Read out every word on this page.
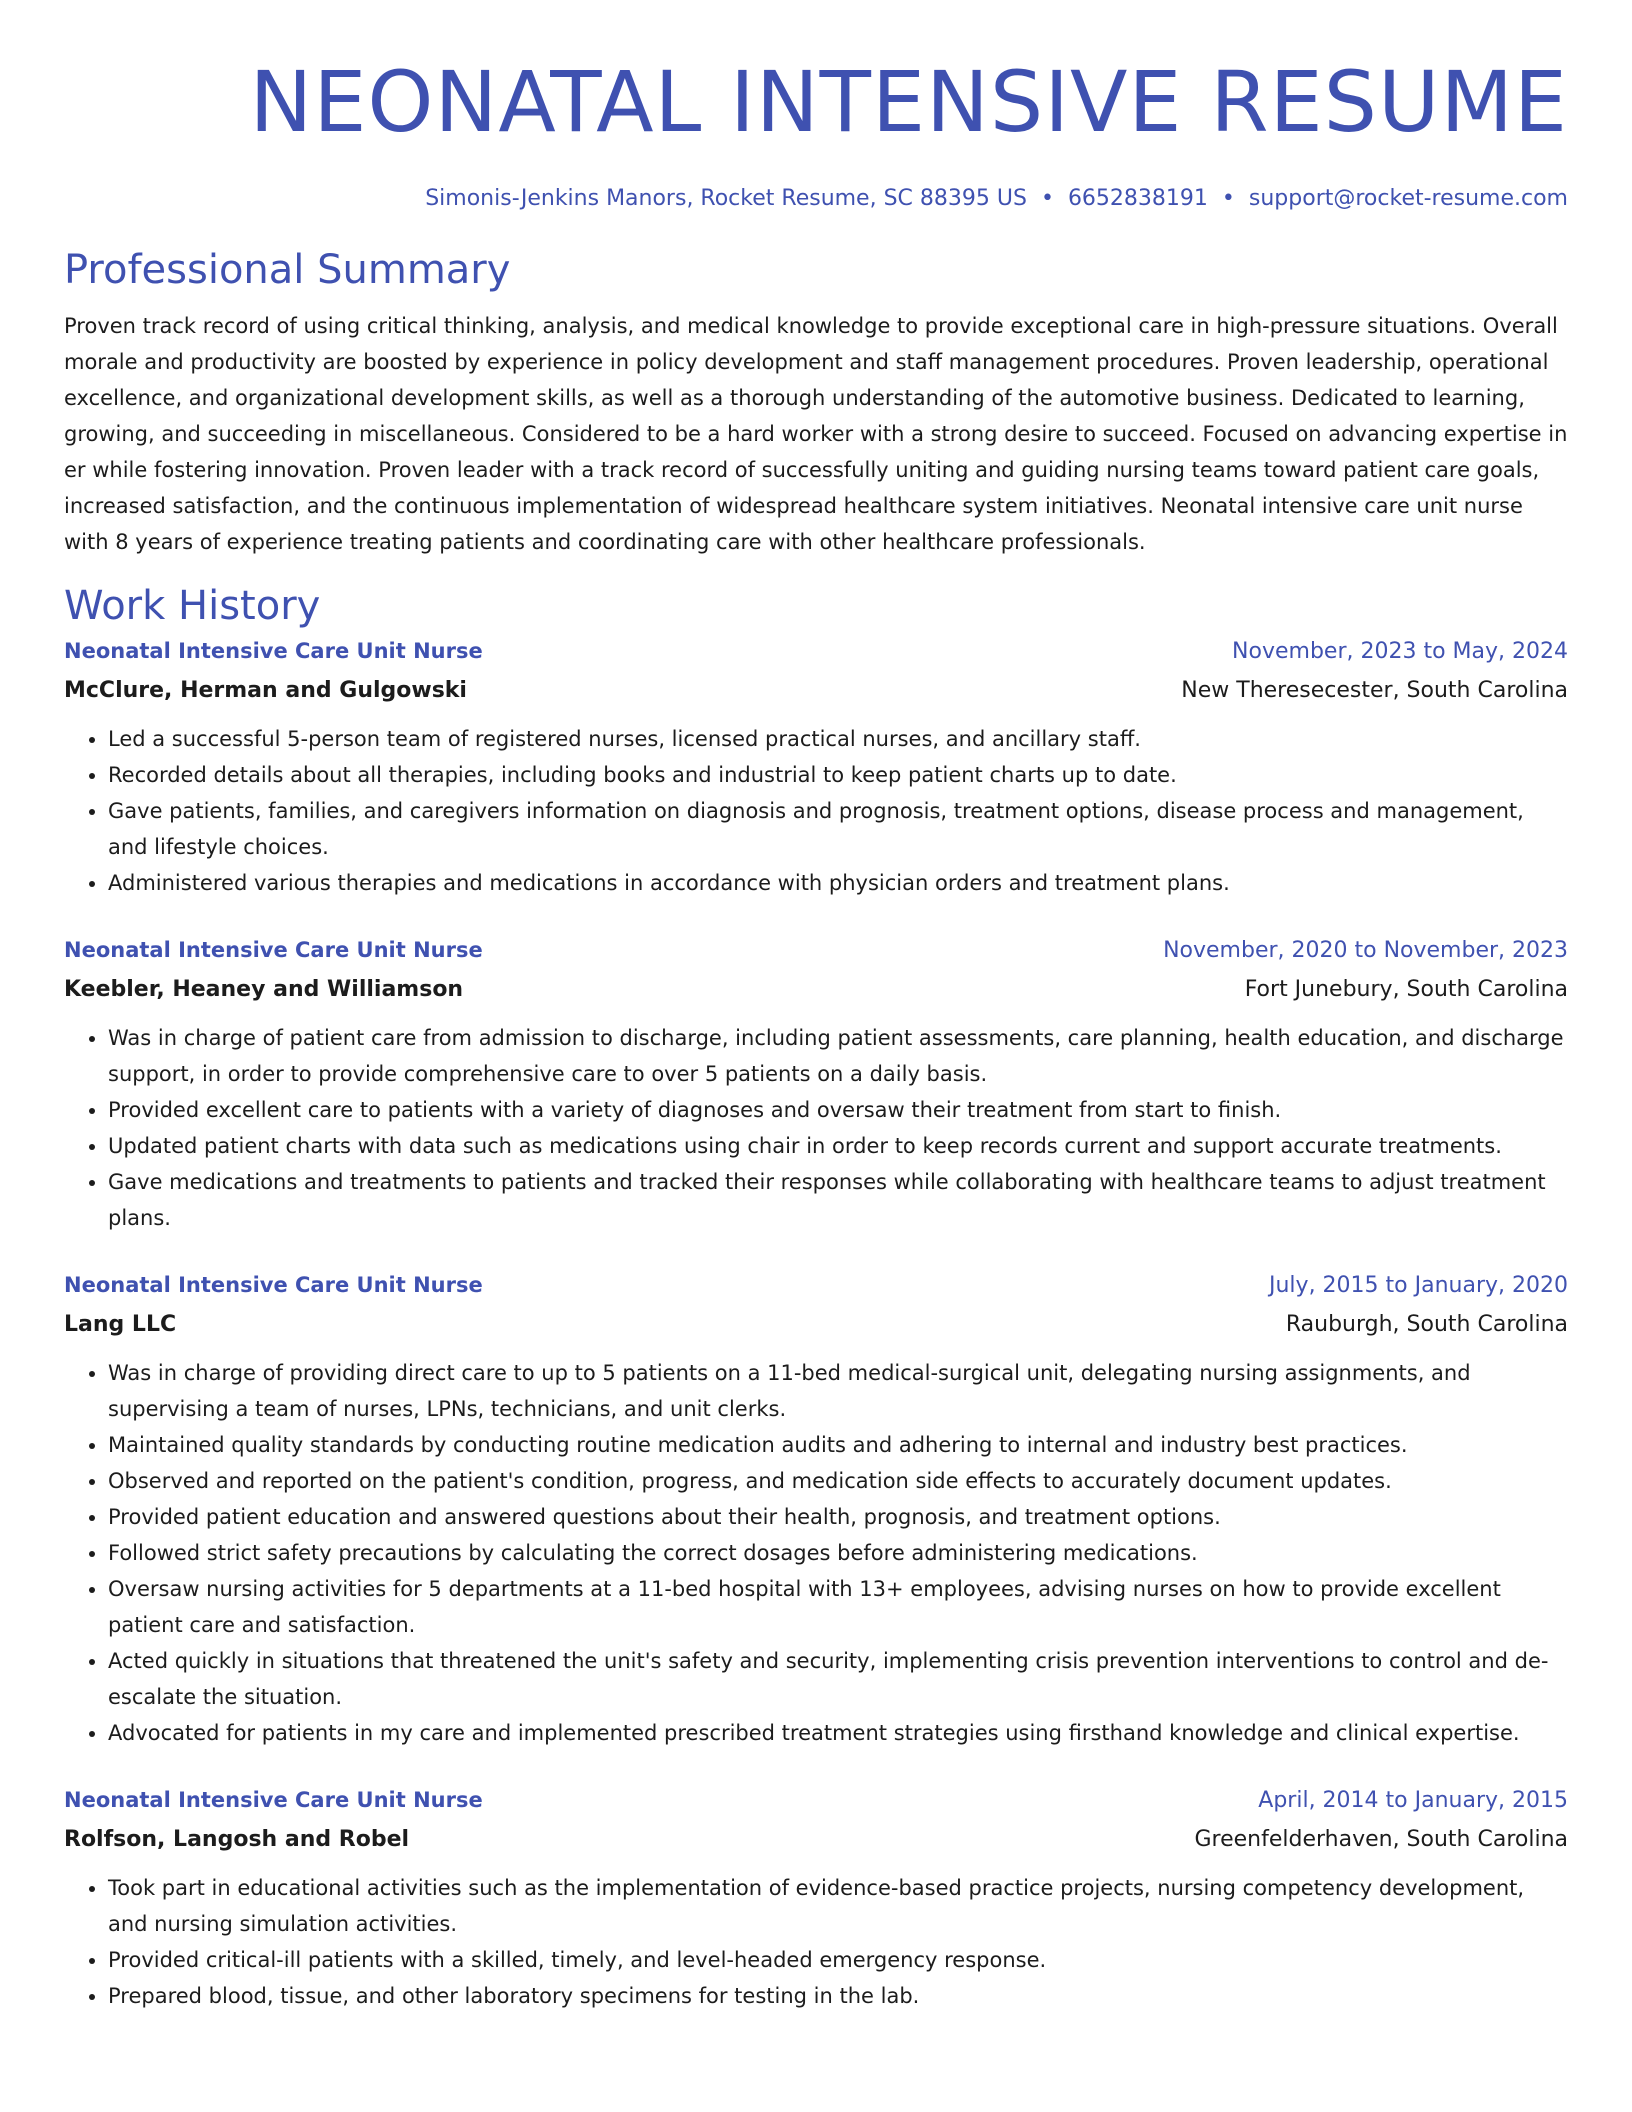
NEONATAL INTENSIVE RESUME
Simonis-Jenkins Manors, Rocket Resume, SC 88395 US • 6652838191 • support@rocket-resume.com
Professional Summary

Proven track record of using critical thinking, analysis, and medical knowledge to provide exceptional care in high-pressure situations. Overall morale and productivity are boosted by experience in policy development and staff management procedures. Proven leadership, operational excellence, and organizational development skills, as well as a thorough understanding of the automotive business. Dedicated to learning, growing, and succeeding in miscellaneous. Considered to be a hard worker with a strong desire to succeed. Focused on advancing expertise in er while fostering innovation. Proven leader with a track record of successfully uniting and guiding nursing teams toward patient care goals, increased satisfaction, and the continuous implementation of widespread healthcare system initiatives. Neonatal intensive care unit nurse with 8 years of experience treating patients and coordinating care with other healthcare professionals.

Work History
Neonatal Intensive Care Unit Nurse	November, 2023 to May, 2024
McClure, Herman and Gulgowski	New Theresecester, South Carolina
• Led a successful 5-person team of registered nurses, licensed practical nurses, and ancillary staff.
• Recorded details about all therapies, including books and industrial to keep patient charts up to date.
• Gave patients, families, and caregivers information on diagnosis and prognosis, treatment options, disease process and management, and lifestyle choices.
• Administered various therapies and medications in accordance with physician orders and treatment plans.
Neonatal Intensive Care Unit Nurse	November, 2020 to November, 2023
Keebler, Heaney and Williamson	Fort Junebury, South Carolina
• Was in charge of patient care from admission to discharge, including patient assessments, care planning, health education, and discharge support, in order to provide comprehensive care to over 5 patients on a daily basis.
• Provided excellent care to patients with a variety of diagnoses and oversaw their treatment from start to finish.
• Updated patient charts with data such as medications using chair in order to keep records current and support accurate treatments.
• Gave medications and treatments to patients and tracked their responses while collaborating with healthcare teams to adjust treatment plans.
Neonatal Intensive Care Unit Nurse	July, 2015 to January, 2020
Lang LLC	Rauburgh, South Carolina
• Was in charge of providing direct care to up to 5 patients on a 11-bed medical-surgical unit, delegating nursing assignments, and supervising a team of nurses, LPNs, technicians, and unit clerks.
• Maintained quality standards by conducting routine medication audits and adhering to internal and industry best practices.
• Observed and reported on the patient's condition, progress, and medication side effects to accurately document updates.
• Provided patient education and answered questions about their health, prognosis, and treatment options.
• Followed strict safety precautions by calculating the correct dosages before administering medications.
• Oversaw nursing activities for 5 departments at a 11-bed hospital with 13+ employees, advising nurses on how to provide excellent patient care and satisfaction.
• Acted quickly in situations that threatened the unit's safety and security, implementing crisis prevention interventions to control and de-escalate the situation.
• Advocated for patients in my care and implemented prescribed treatment strategies using firsthand knowledge and clinical expertise.
Neonatal Intensive Care Unit Nurse	April, 2014 to January, 2015
Rolfson, Langosh and Robel	Greenfelderhaven, South Carolina
• Took part in educational activities such as the implementation of evidence-based practice projects, nursing competency development, and nursing simulation activities.
• Provided critical-ill patients with a skilled, timely, and level-headed emergency response.
• Prepared blood, tissue, and other laboratory specimens for testing in the lab.
